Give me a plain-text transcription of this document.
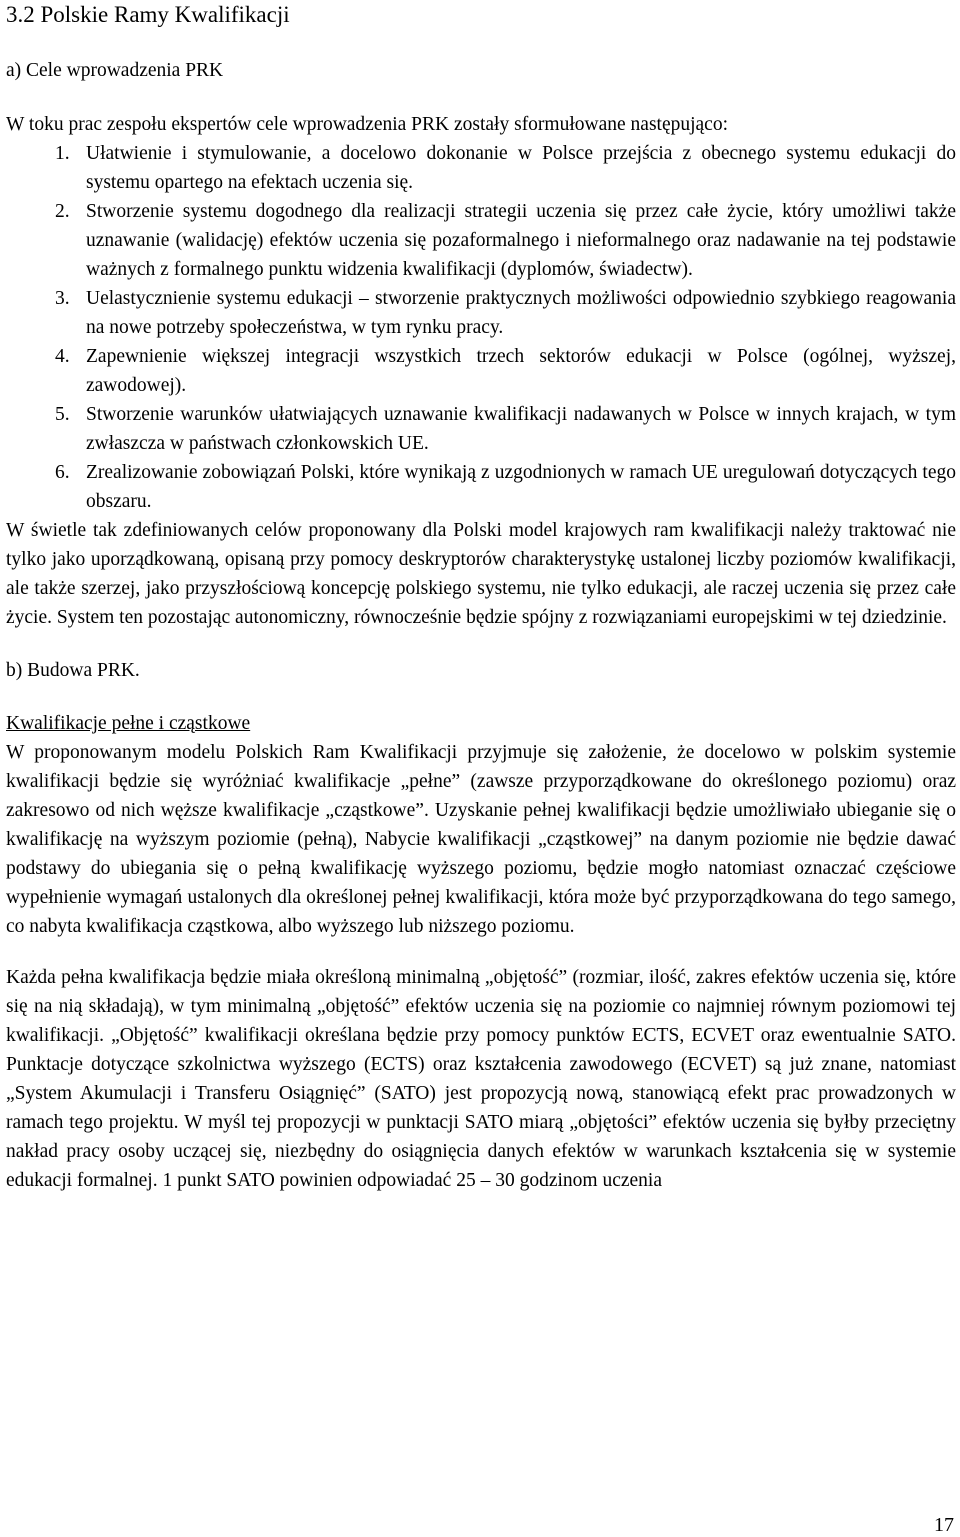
3.2 Polskie Ramy Kwalifikacji
a) Cele wprowadzenia PRK
W toku prac zespołu ekspertów cele wprowadzenia PRK zostały sformułowane następująco:
1. Ułatwienie i stymulowanie, a docelowo dokonanie w Polsce przejścia z obecnego systemu edukacji do systemu opartego na efektach uczenia się.
2. Stworzenie systemu dogodnego dla realizacji strategii uczenia się przez całe życie, który umożliwi także uznawanie (walidację) efektów uczenia się pozaformalnego i nieformalnego oraz nadawanie na tej podstawie ważnych z formalnego punktu widzenia kwalifikacji (dyplomów, świadectw).
3. Uelastycznienie systemu edukacji – stworzenie praktycznych możliwości odpowiednio szybkiego reagowania na nowe potrzeby społeczeństwa, w tym rynku pracy.
4. Zapewnienie większej integracji wszystkich trzech sektorów edukacji w Polsce (ogólnej, wyższej, zawodowej).
5. Stworzenie warunków ułatwiających uznawanie kwalifikacji nadawanych w Polsce w innych krajach, w tym zwłaszcza w państwach członkowskich UE.
6. Zrealizowanie zobowiązań Polski, które wynikają z uzgodnionych w ramach UE uregulowań dotyczących tego obszaru.

W świetle tak zdefiniowanych celów proponowany dla Polski model krajowych ram kwalifikacji należy traktować nie tylko jako uporządkowaną, opisaną przy pomocy deskryptorów charakterystykę ustalonej liczby poziomów kwalifikacji, ale także szerzej, jako przyszłościową koncepcję polskiego systemu, nie tylko edukacji, ale raczej uczenia się przez całe życie. System ten pozostając autonomiczny, równocześnie będzie spójny z rozwiązaniami europejskimi w tej dziedzinie.

b) Budowa PRK.
Kwalifikacje pełne i cząstkowe

W proponowanym modelu Polskich Ram Kwalifikacji przyjmuje się założenie, że docelowo w polskim systemie kwalifikacji będzie się wyróżniać kwalifikacje „pełne” (zawsze przyporządkowane do określonego poziomu) oraz zakresowo od nich węższe kwalifikacje „cząstkowe”. Uzyskanie pełnej kwalifikacji będzie umożliwiało ubieganie się o kwalifikację na wyższym poziomie (pełną), Nabycie kwalifikacji „cząstkowej” na danym poziomie nie będzie dawać podstawy do ubiegania się o pełną kwalifikację wyższego poziomu, będzie mogło natomiast oznaczać częściowe wypełnienie wymagań ustalonych dla określonej pełnej kwalifikacji, która może być przyporządkowana do tego samego, co nabyta kwalifikacja cząstkowa, albo wyższego lub niższego poziomu.

Każda pełna kwalifikacja będzie miała określoną minimalną „objętość” (rozmiar, ilość, zakres efektów uczenia się, które się na nią składają), w tym minimalną „objętość” efektów uczenia się na poziomie co najmniej równym poziomowi tej kwalifikacji. „Objętość” kwalifikacji określana będzie przy pomocy punktów ECTS, ECVET oraz ewentualnie SATO. Punktacje dotyczące szkolnictwa wyższego (ECTS) oraz kształcenia zawodowego (ECVET) są już znane, natomiast „System Akumulacji i Transferu Osiągnięć” (SATO) jest propozycją nową, stanowiącą efekt prac prowadzonych w ramach tego projektu. W myśl tej propozycji w punktacji SATO miarą „objętości” efektów uczenia się byłby przeciętny nakład pracy osoby uczącej się, niezbędny do osiągnięcia danych efektów w warunkach kształcenia się w systemie edukacji formalnej. 1 punkt SATO powinien odpowiadać 25 – 30 godzinom uczenia

17
